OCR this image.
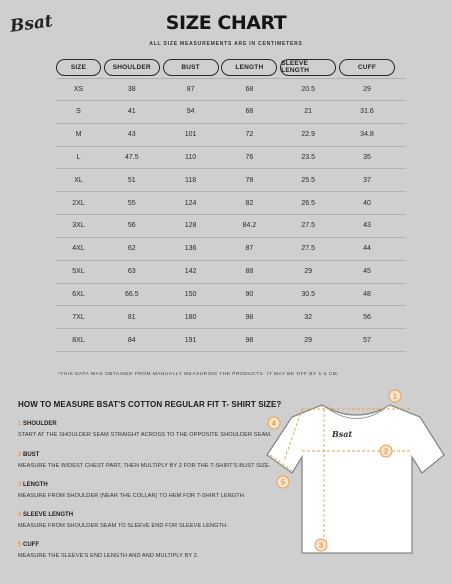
Bsat	SIZE CHART
ALL SIZE MEASUREMENTS ARE IN CENTIMETERS
SIZE	SHOULDER	BUST	LENGTH	SLEEVE LENGTH	CUFF
XS	38	87	68	20.5	29
S	41	94	68	21	31.6
M	43	101	72	22.9	34.8
L	47.5	110	76	23.5	35
XL	51	118	78	25.5	37
2XL	55	124	82	26.5	40
3XL	56	128	84.2	27.5	43
4XL	62	136	87	27.5	44
5XL	63	142	88	29	45
6XL	66.5	150	90	30.5	48
7XL	81	180	98	32	56
8XL	84	191	98	29	57
*THIS DATA WAS OBTAINED FROM MANUALLY MEASURING THE PRODUCTS. IT MAY BE OFF BY 1-2 CM.
HOW TO MEASURE BSAT'S COTTON REGULAR FIT T- SHIRT SIZE?
1 SHOULDER
START AT THE SHOULDER SEAM STRAIGHT ACROSS TO THE OPPOSITE SHOULDER SEAM.
2 BUST
MEASURE THE WIDEST CHEST PART, THEN MULTIPLY BY 2 FOR THE T-SHIRT'S BUST SIZE.
3 LENGTH
MEASURE FROM SHOULDER (NEAR THE COLLAR) TO HEM FOR T-SHIRT LENGTH.
4 SLEEVE LENGTH
MEASURE FROM SHOULDER SEAM TO SLEEVE END FOR SLEEVE LENGTH.
5 CUFF
MEASURE THE SLEEVE'S END LENGTH AND AND MULTIPLY BY 2.
Bsat
1
2
3
4
5
